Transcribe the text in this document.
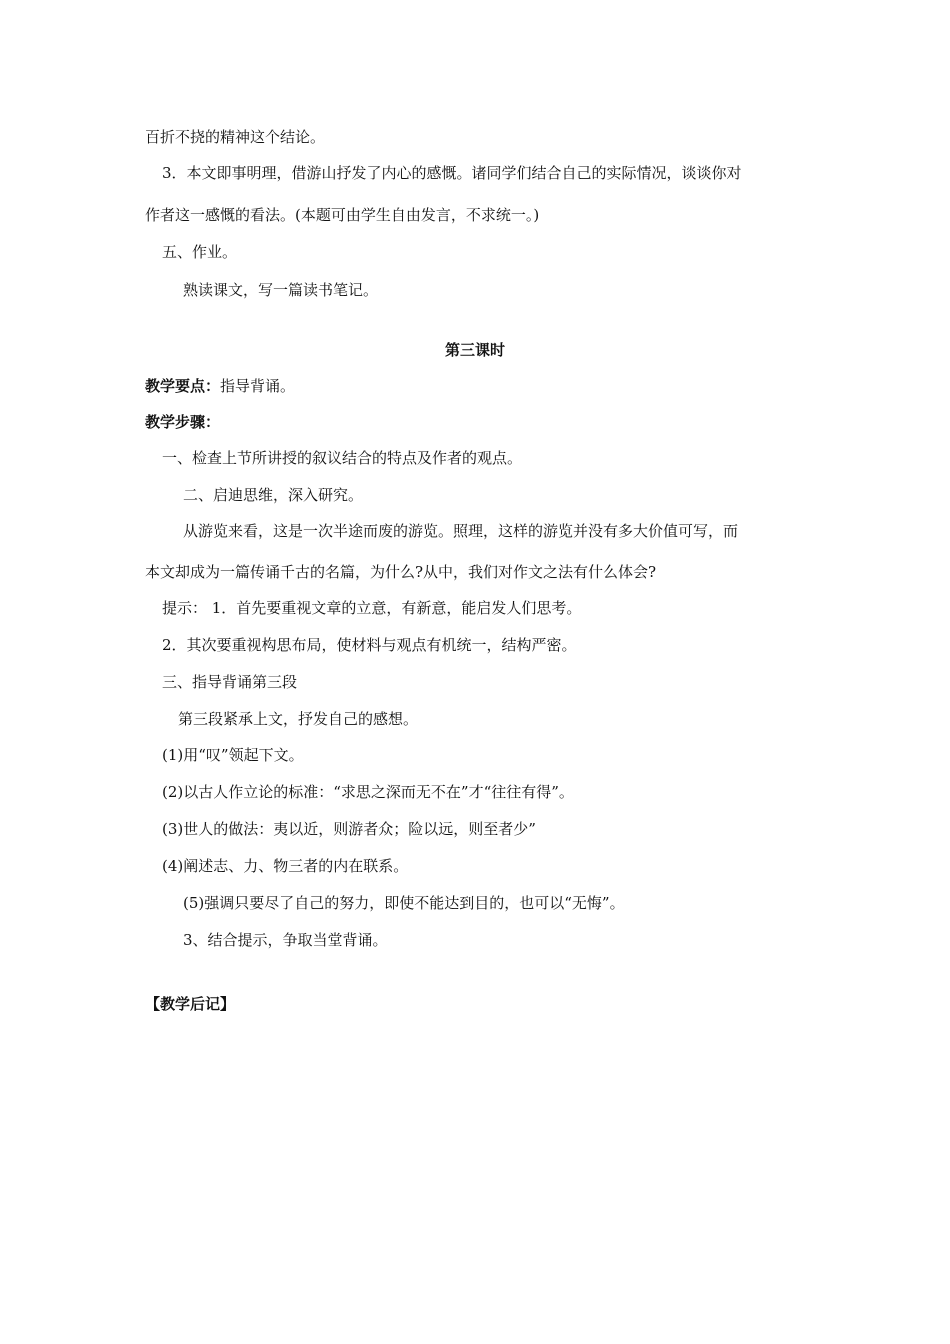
百折不挠的精神这个结论。

3．本文即事明理，借游山抒发了内心的感慨。诸同学们结合自己的实际情况，谈谈你对

作者这一感慨的看法。(本题可由学生自由发言，不求统一。)

五、作业。

熟读课文，写一篇读书笔记。

第三课时

教学要点：指导背诵。

教学步骤：

一、检查上节所讲授的叙议结合的特点及作者的观点。

二、启迪思维，深入研究。

从游览来看，这是一次半途而废的游览。照理，这样的游览并没有多大价值可写，而

本文却成为一篇传诵千古的名篇，为什么?从中，我们对作文之法有什么体会?

提示： 1．首先要重视文章的立意，有新意，能启发人们思考。

2．其次要重视构思布局，使材料与观点有机统一，结构严密。

三、指导背诵第三段

第三段紧承上文，抒发自己的感想。

(1)用“叹”领起下文。

(2)以古人作立论的标准：“求思之深而无不在”才“往往有得”。

(3)世人的做法：夷以近，则游者众；险以远，则至者少”

(4)阐述志、力、物三者的内在联系。

(5)强调只要尽了自己的努力，即使不能达到目的，也可以“无悔”。

3、结合提示，争取当堂背诵。

【教学后记】
